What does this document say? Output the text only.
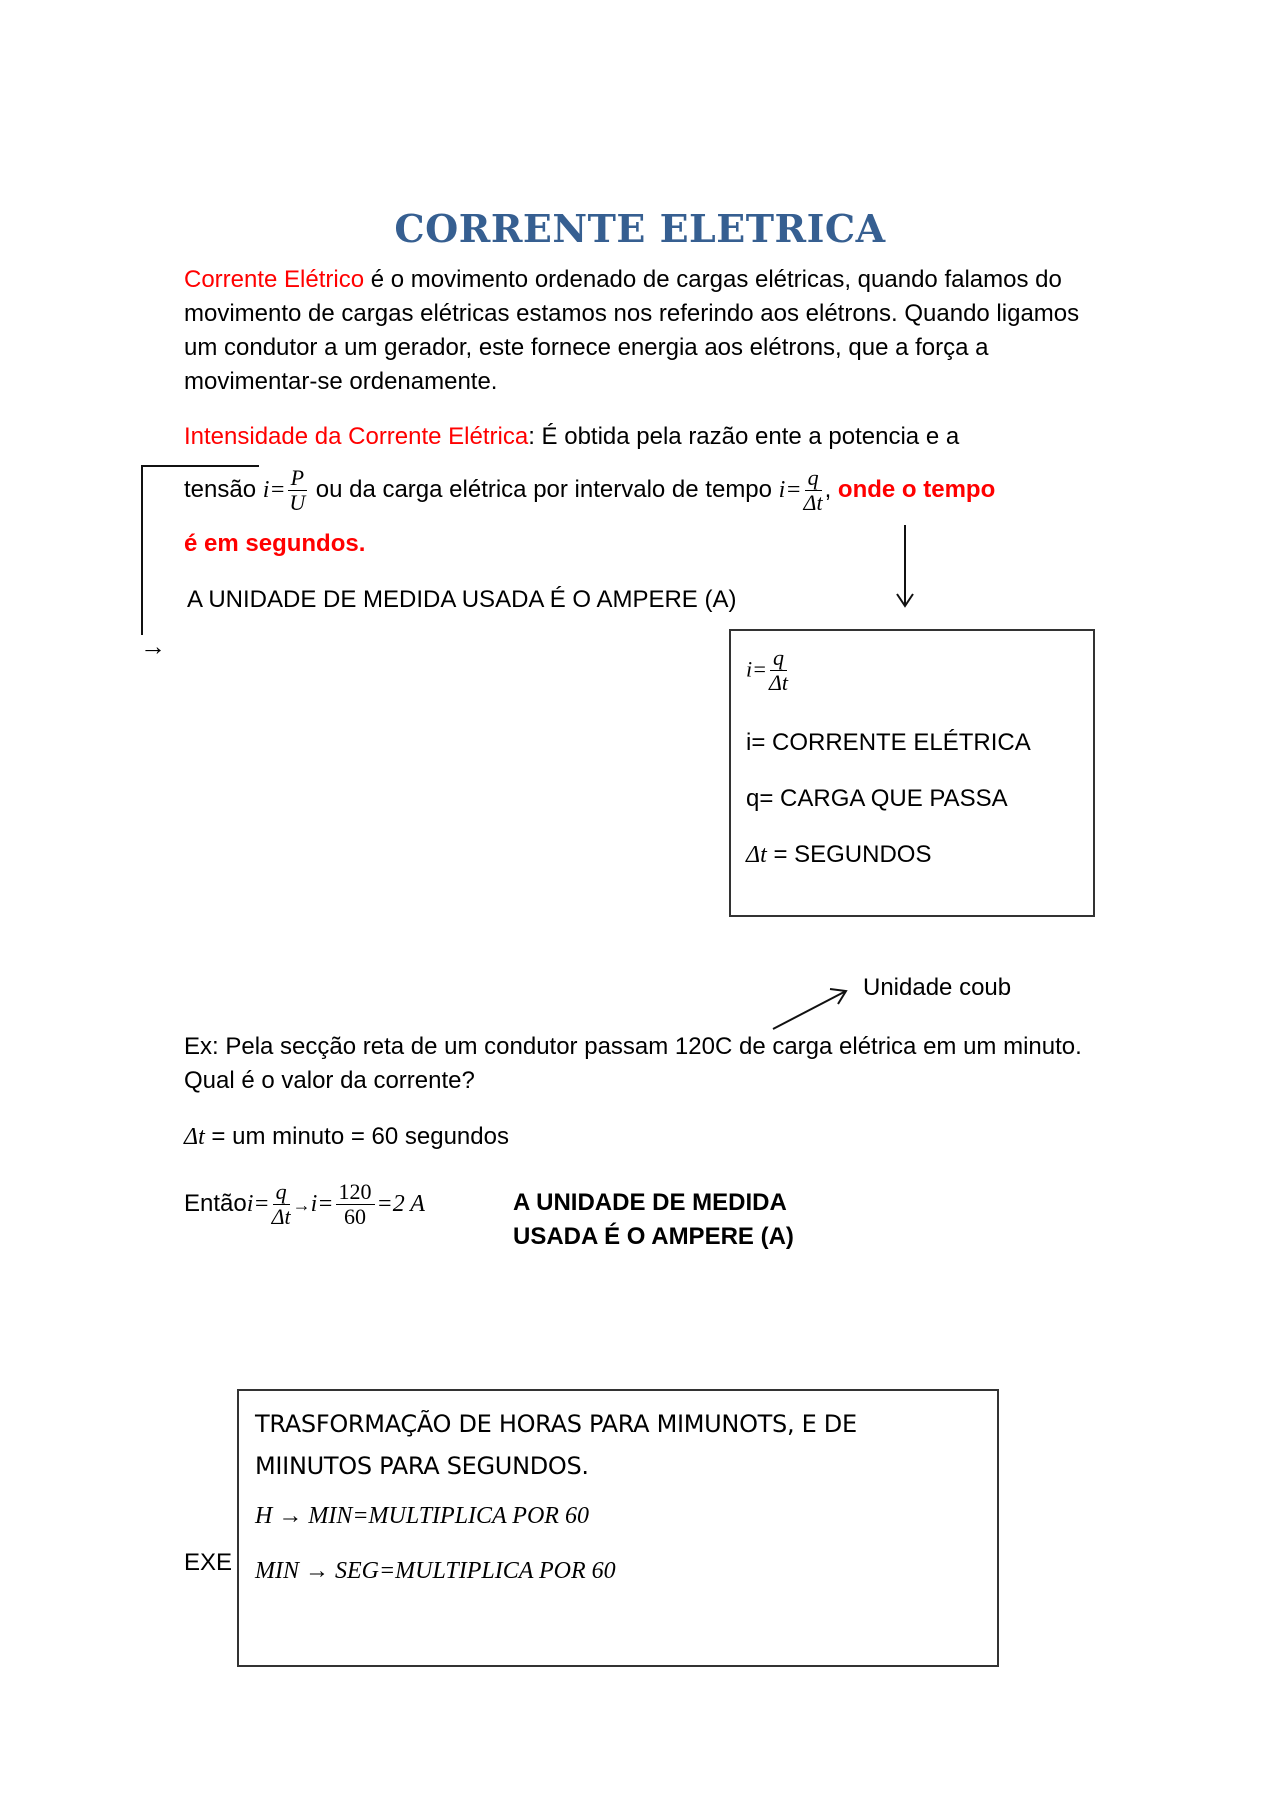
CORRENTE ELETRICA
Corrente Elétrico é o movimento ordenado de cargas elétricas, quando falamos do movimento de cargas elétricas estamos nos referindo aos elétrons. Quando ligamos um condutor a um gerador, este fornece energia aos elétrons, que a força a movimentar-se ordenamente.
Intensidade da Corrente Elétrica: É obtida pela razão ente a potencia e a
tensão $i= \frac{P}{U}$ ou da carga elétrica por intervalo de tempo $i= \frac{q}{\Delta t}$ , onde o tempo
é em segundos.
A UNIDADE DE MEDIDA USADA É O AMPERE (A)
→
$i= \frac{q}{\Delta t}$
i= CORRENTE ELÉTRICA
q= CARGA QUE PASSA
Δt = SEGUNDOS
Unidade coub
Ex: Pela secção reta de um condutor passam 120C de carga elétrica em um minuto. Qual é o valor da corrente?
Δt = um minuto = 60 segundos
Entãoi= $\frac{q}{\Delta t} \to i= \frac{120}{60} =2$ A	A UNIDADE DE MEDIDA
USADA É O AMPERE (A)
EXE
TRASFORMAÇÃO DE HORAS PARA MIMUNOTS, E DE
MIINUTOS PARA SEGUNDOS.
H → MIN=MULTIPLICA POR 60
MIN → SEG=MULTIPLICA POR 60
